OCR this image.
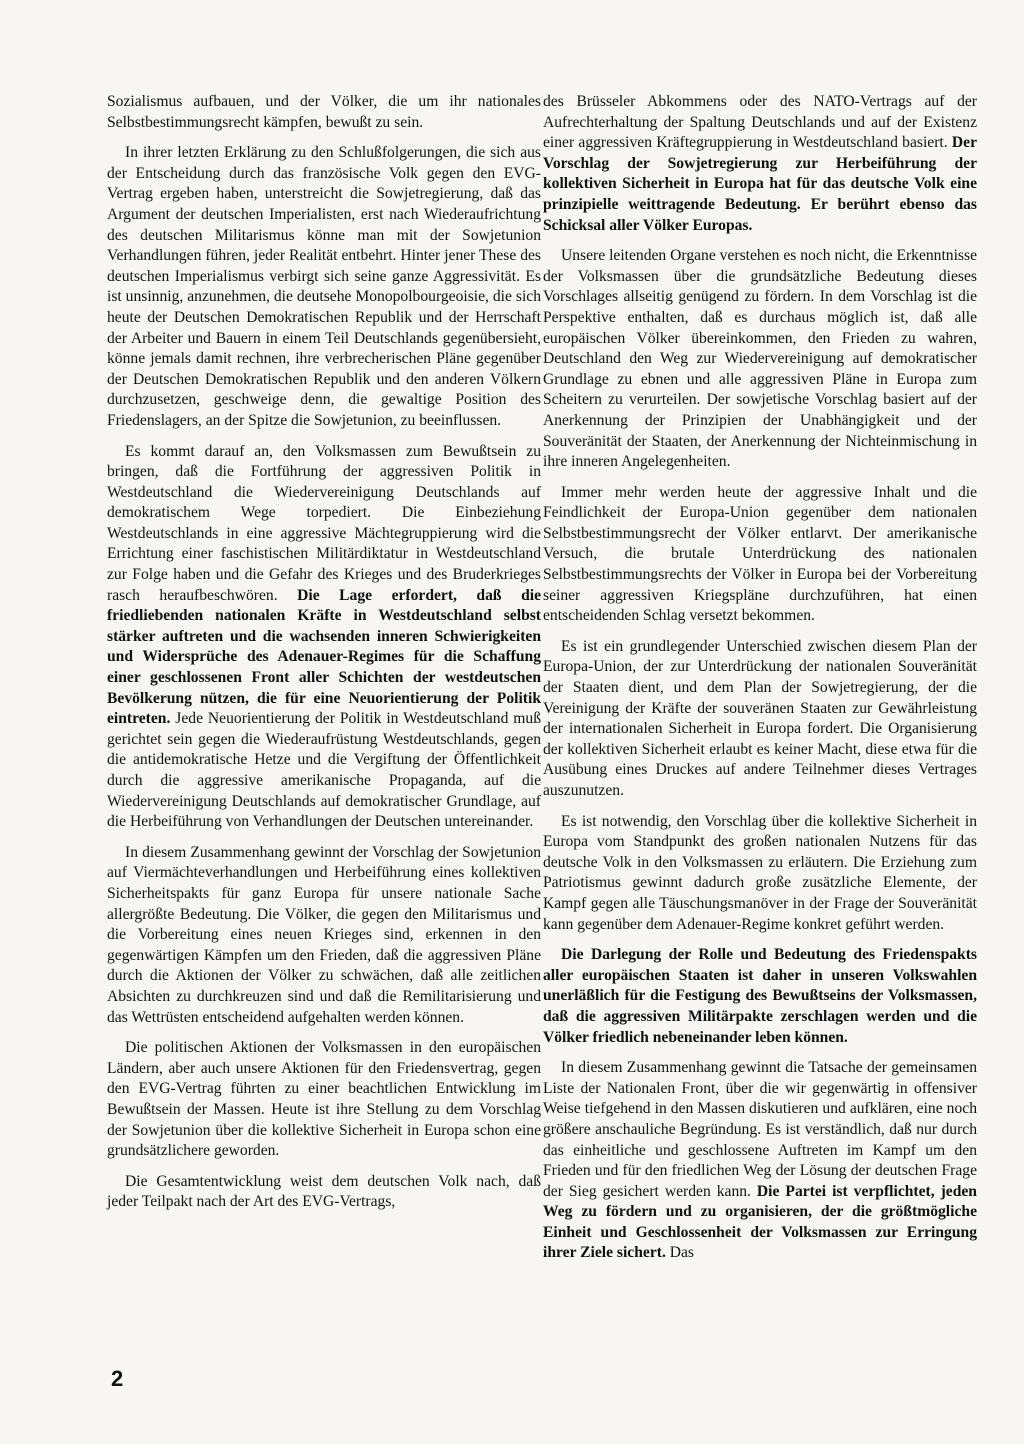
Sozialismus aufbauen, und der Völker, die um ihr nationales Selbstbestimmungsrecht kämpfen, bewußt zu sein.

In ihrer letzten Erklärung zu den Schlußfolgerungen, die sich aus der Entscheidung durch das französische Volk gegen den EVG-Vertrag ergeben haben, unterstreicht die Sowjetregierung, daß das Argument der deutschen Imperialisten, erst nach Wiederaufrichtung des deutschen Militarismus könne man mit der Sowjetunion Verhandlungen führen, jeder Realität entbehrt. Hinter jener These des deutschen Imperialismus verbirgt sich seine ganze Aggressivität. Es ist unsinnig, anzunehmen, die deutsehe Monopolbourgeoisie, die sich heute der Deutschen Demokratischen Republik und der Herrschaft der Arbeiter und Bauern in einem Teil Deutschlands gegenübersieht, könne jemals damit rechnen, ihre verbrecherischen Pläne gegenüber der Deutschen Demokratischen Republik und den anderen Völkern durchzusetzen, geschweige denn, die gewaltige Position des Friedenslagers, an der Spitze die Sowjetunion, zu beeinflussen.

Es kommt darauf an, den Volksmassen zum Bewußtsein zu bringen, daß die Fortführung der aggressiven Politik in Westdeutschland die Wiedervereinigung Deutschlands auf demokratischem Wege torpediert. Die Einbeziehung Westdeutschlands in eine aggressive Mächtegruppierung wird die Errichtung einer faschistischen Militärdiktatur in Westdeutschland zur Folge haben und die Gefahr des Krieges und des Bruderkrieges rasch heraufbeschwören. Die Lage erfordert, daß die friedliebenden nationalen Kräfte in Westdeutschland selbst stärker auftreten und die wachsenden inneren Schwierigkeiten und Widersprüche des Adenauer-Regimes für die Schaffung einer geschlossenen Front aller Schichten der westdeutschen Bevölkerung nützen, die für eine Neuorientierung der Politik eintreten. Jede Neuorientierung der Politik in Westdeutschland muß gerichtet sein gegen die Wiederaufrüstung Westdeutschlands, gegen die antidemokratische Hetze und die Vergiftung der Öffentlichkeit durch die aggressive amerikanische Propaganda, auf die Wiedervereinigung Deutschlands auf demokratischer Grundlage, auf die Herbeiführung von Verhandlungen der Deutschen untereinander.

In diesem Zusammenhang gewinnt der Vorschlag der Sowjetunion auf Viermächteverhandlungen und Herbeiführung eines kollektiven Sicherheitspakts für ganz Europa für unsere nationale Sache allergrößte Bedeutung. Die Völker, die gegen den Militarismus und die Vorbereitung eines neuen Krieges sind, erkennen in den gegenwärtigen Kämpfen um den Frieden, daß die aggressiven Pläne durch die Aktionen der Völker zu schwächen, daß alle zeitlichen Absichten zu durchkreuzen sind und daß die Remilitarisierung und das Wettrüsten entscheidend aufgehalten werden können.

Die politischen Aktionen der Volksmassen in den europäischen Ländern, aber auch unsere Aktionen für den Friedensvertrag, gegen den EVG-Vertrag führten zu einer beachtlichen Entwicklung im Bewußtsein der Massen. Heute ist ihre Stellung zu dem Vorschlag der Sowjetunion über die kollektive Sicherheit in Europa schon eine grundsätzlichere geworden.

Die Gesamtentwicklung weist dem deutschen Volk nach, daß jeder Teilpakt nach der Art des EVG-Vertrags,

des Brüsseler Abkommens oder des NATO-Vertrags auf der Aufrechterhaltung der Spaltung Deutschlands und auf der Existenz einer aggressiven Kräftegruppierung in Westdeutschland basiert. Der Vorschlag der Sowjetregierung zur Herbeiführung der kollektiven Sicherheit in Europa hat für das deutsche Volk eine prinzipielle weittragende Bedeutung. Er berührt ebenso das Schicksal aller Völker Europas.

Unsere leitenden Organe verstehen es noch nicht, die Erkenntnisse der Volksmassen über die grundsätzliche Bedeutung dieses Vorschlages allseitig genügend zu fördern. In dem Vorschlag ist die Perspektive enthalten, daß es durchaus möglich ist, daß alle europäischen Völker übereinkommen, den Frieden zu wahren, Deutschland den Weg zur Wiedervereinigung auf demokratischer Grundlage zu ebnen und alle aggressiven Pläne in Europa zum Scheitern zu verurteilen. Der sowjetische Vorschlag basiert auf der Anerkennung der Prinzipien der Unabhängigkeit und der Souveränität der Staaten, der Anerkennung der Nichteinmischung in ihre inneren Angelegenheiten.

Immer mehr werden heute der aggressive Inhalt und die Feindlichkeit der Europa-Union gegenüber dem nationalen Selbstbestimmungsrecht der Völker entlarvt. Der amerikanische Versuch, die brutale Unterdrückung des nationalen Selbstbestimmungsrechts der Völker in Europa bei der Vorbereitung seiner aggressiven Kriegspläne durchzuführen, hat einen entscheidenden Schlag versetzt bekommen.

Es ist ein grundlegender Unterschied zwischen diesem Plan der Europa-Union, der zur Unterdrückung der nationalen Souveränität der Staaten dient, und dem Plan der Sowjetregierung, der die Vereinigung der Kräfte der souveränen Staaten zur Gewährleistung der internationalen Sicherheit in Europa fordert. Die Organisierung der kollektiven Sicherheit erlaubt es keiner Macht, diese etwa für die Ausübung eines Druckes auf andere Teilnehmer dieses Vertrages auszunutzen.

Es ist notwendig, den Vorschlag über die kollektive Sicherheit in Europa vom Standpunkt des großen nationalen Nutzens für das deutsche Volk in den Volksmassen zu erläutern. Die Erziehung zum Patriotismus gewinnt dadurch große zusätzliche Elemente, der Kampf gegen alle Täuschungsmanöver in der Frage der Souveränität kann gegenüber dem Adenauer-Regime konkret geführt werden.

Die Darlegung der Rolle und Bedeutung des Friedenspakts aller europäischen Staaten ist daher in unseren Volkswahlen unerläßlich für die Festigung des Bewußtseins der Volksmassen, daß die aggressiven Militärpakte zerschlagen werden und die Völker friedlich nebeneinander leben können.

In diesem Zusammenhang gewinnt die Tatsache der gemeinsamen Liste der Nationalen Front, über die wir gegenwärtig in offensiver Weise tiefgehend in den Massen diskutieren und aufklären, eine noch größere anschauliche Begründung. Es ist verständlich, daß nur durch das einheitliche und geschlossene Auftreten im Kampf um den Frieden und für den friedlichen Weg der Lösung der deutschen Frage der Sieg gesichert werden kann. Die Partei ist verpflichtet, jeden Weg zu fördern und zu organisieren, der die größtmögliche Einheit und Geschlossenheit der Volksmassen zur Erringung ihrer Ziele sichert. Das

2
